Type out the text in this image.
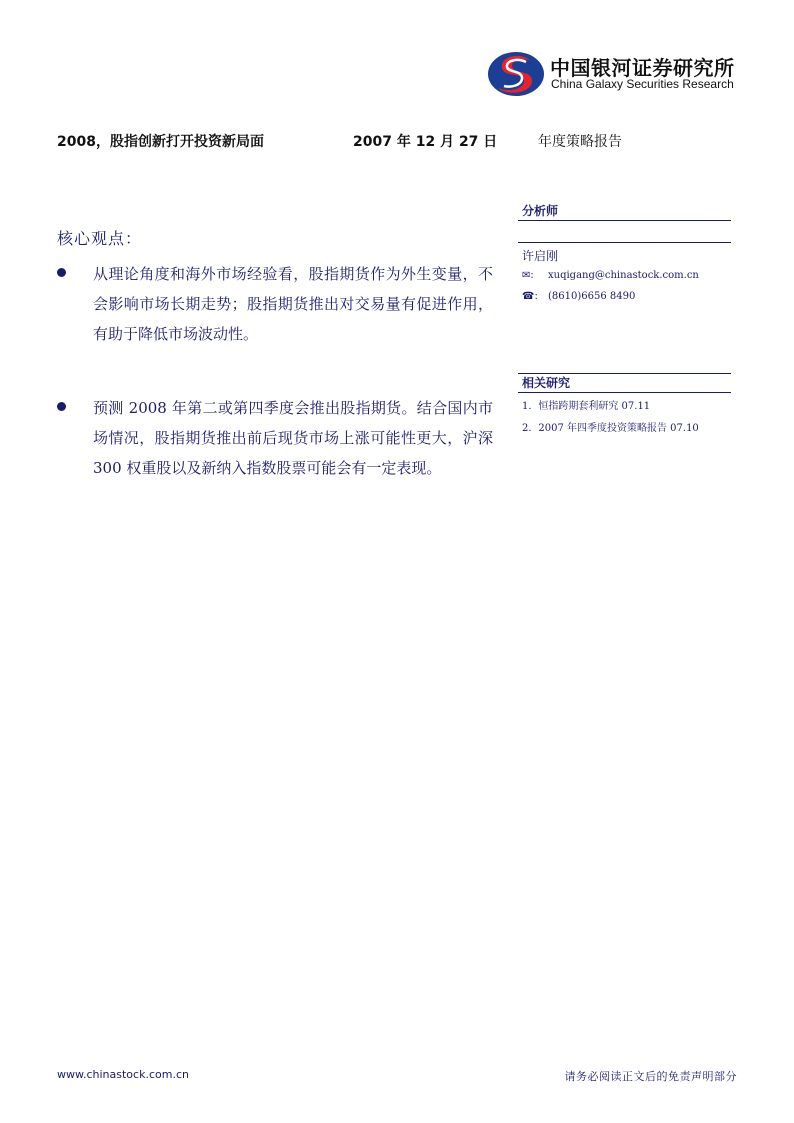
中国银河证券研究所
China Galaxy Securities Research
2008，股指创新打开投资新局面	2007 年 12 月 27 日	年度策略报告
核心观点：
从理论角度和海外市场经验看，股指期货作为外生变量，不会影响市场长期走势；股指期货推出对交易量有促进作用，有助于降低市场波动性。
预测 2008 年第二或第四季度会推出股指期货。结合国内市场情况，股指期货推出前后现货市场上涨可能性更大，沪深 300 权重股以及新纳入指数股票可能会有一定表现。
分析师
许启刚
✉: xuqigang@chinastock.com.cn
☎: (8610)6656 8490
相关研究
1．恒指跨期套利研究 07.11
2．2007 年四季度投资策略报告 07.10
www.chinastock.com.cn	请务必阅读正文后的免责声明部分
